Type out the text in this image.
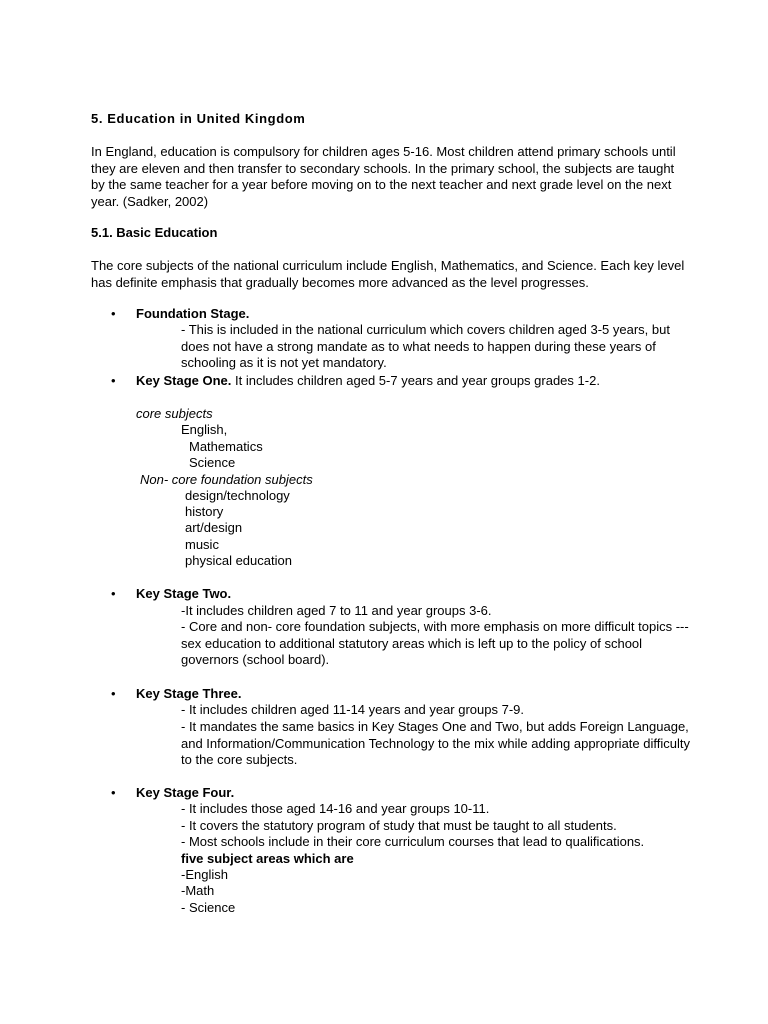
5. Education in United Kingdom
In England, education is compulsory for children ages 5-16. Most children attend primary schools until they are eleven and then transfer to secondary schools. In the primary school, the subjects are taught by the same teacher for a year before moving on to the next teacher and next grade level on the next year. (Sadker, 2002)
5.1. Basic Education
The core subjects of the national curriculum include English, Mathematics, and Science. Each key level has definite emphasis that gradually becomes more advanced as the level progresses.
• Foundation Stage.
- This is included in the national curriculum which covers children aged 3-5 years, but does not have a strong mandate as to what needs to happen during these years of schooling as it is not yet mandatory.
• Key Stage One. It includes children aged 5-7 years and year groups grades 1-2.
core subjects
English,
Mathematics
Science
Non- core foundation subjects
design/technology
history
art/design
music
physical education
• Key Stage Two.
-It includes children aged 7 to 11 and year groups 3-6.
- Core and non- core foundation subjects, with more emphasis on more difficult topics --- sex education to additional statutory areas which is left up to the policy of school governors (school board).
• Key Stage Three.
- It includes children aged 11-14 years and year groups 7-9.
- It mandates the same basics in Key Stages One and Two, but adds Foreign Language, and Information/Communication Technology to the mix while adding appropriate difficulty to the core subjects.
• Key Stage Four.
- It includes those aged 14-16 and year groups 10-11.
- It covers the statutory program of study that must be taught to all students.
- Most schools include in their core curriculum courses that lead to qualifications.
five subject areas which are
-English
-Math
- Science
